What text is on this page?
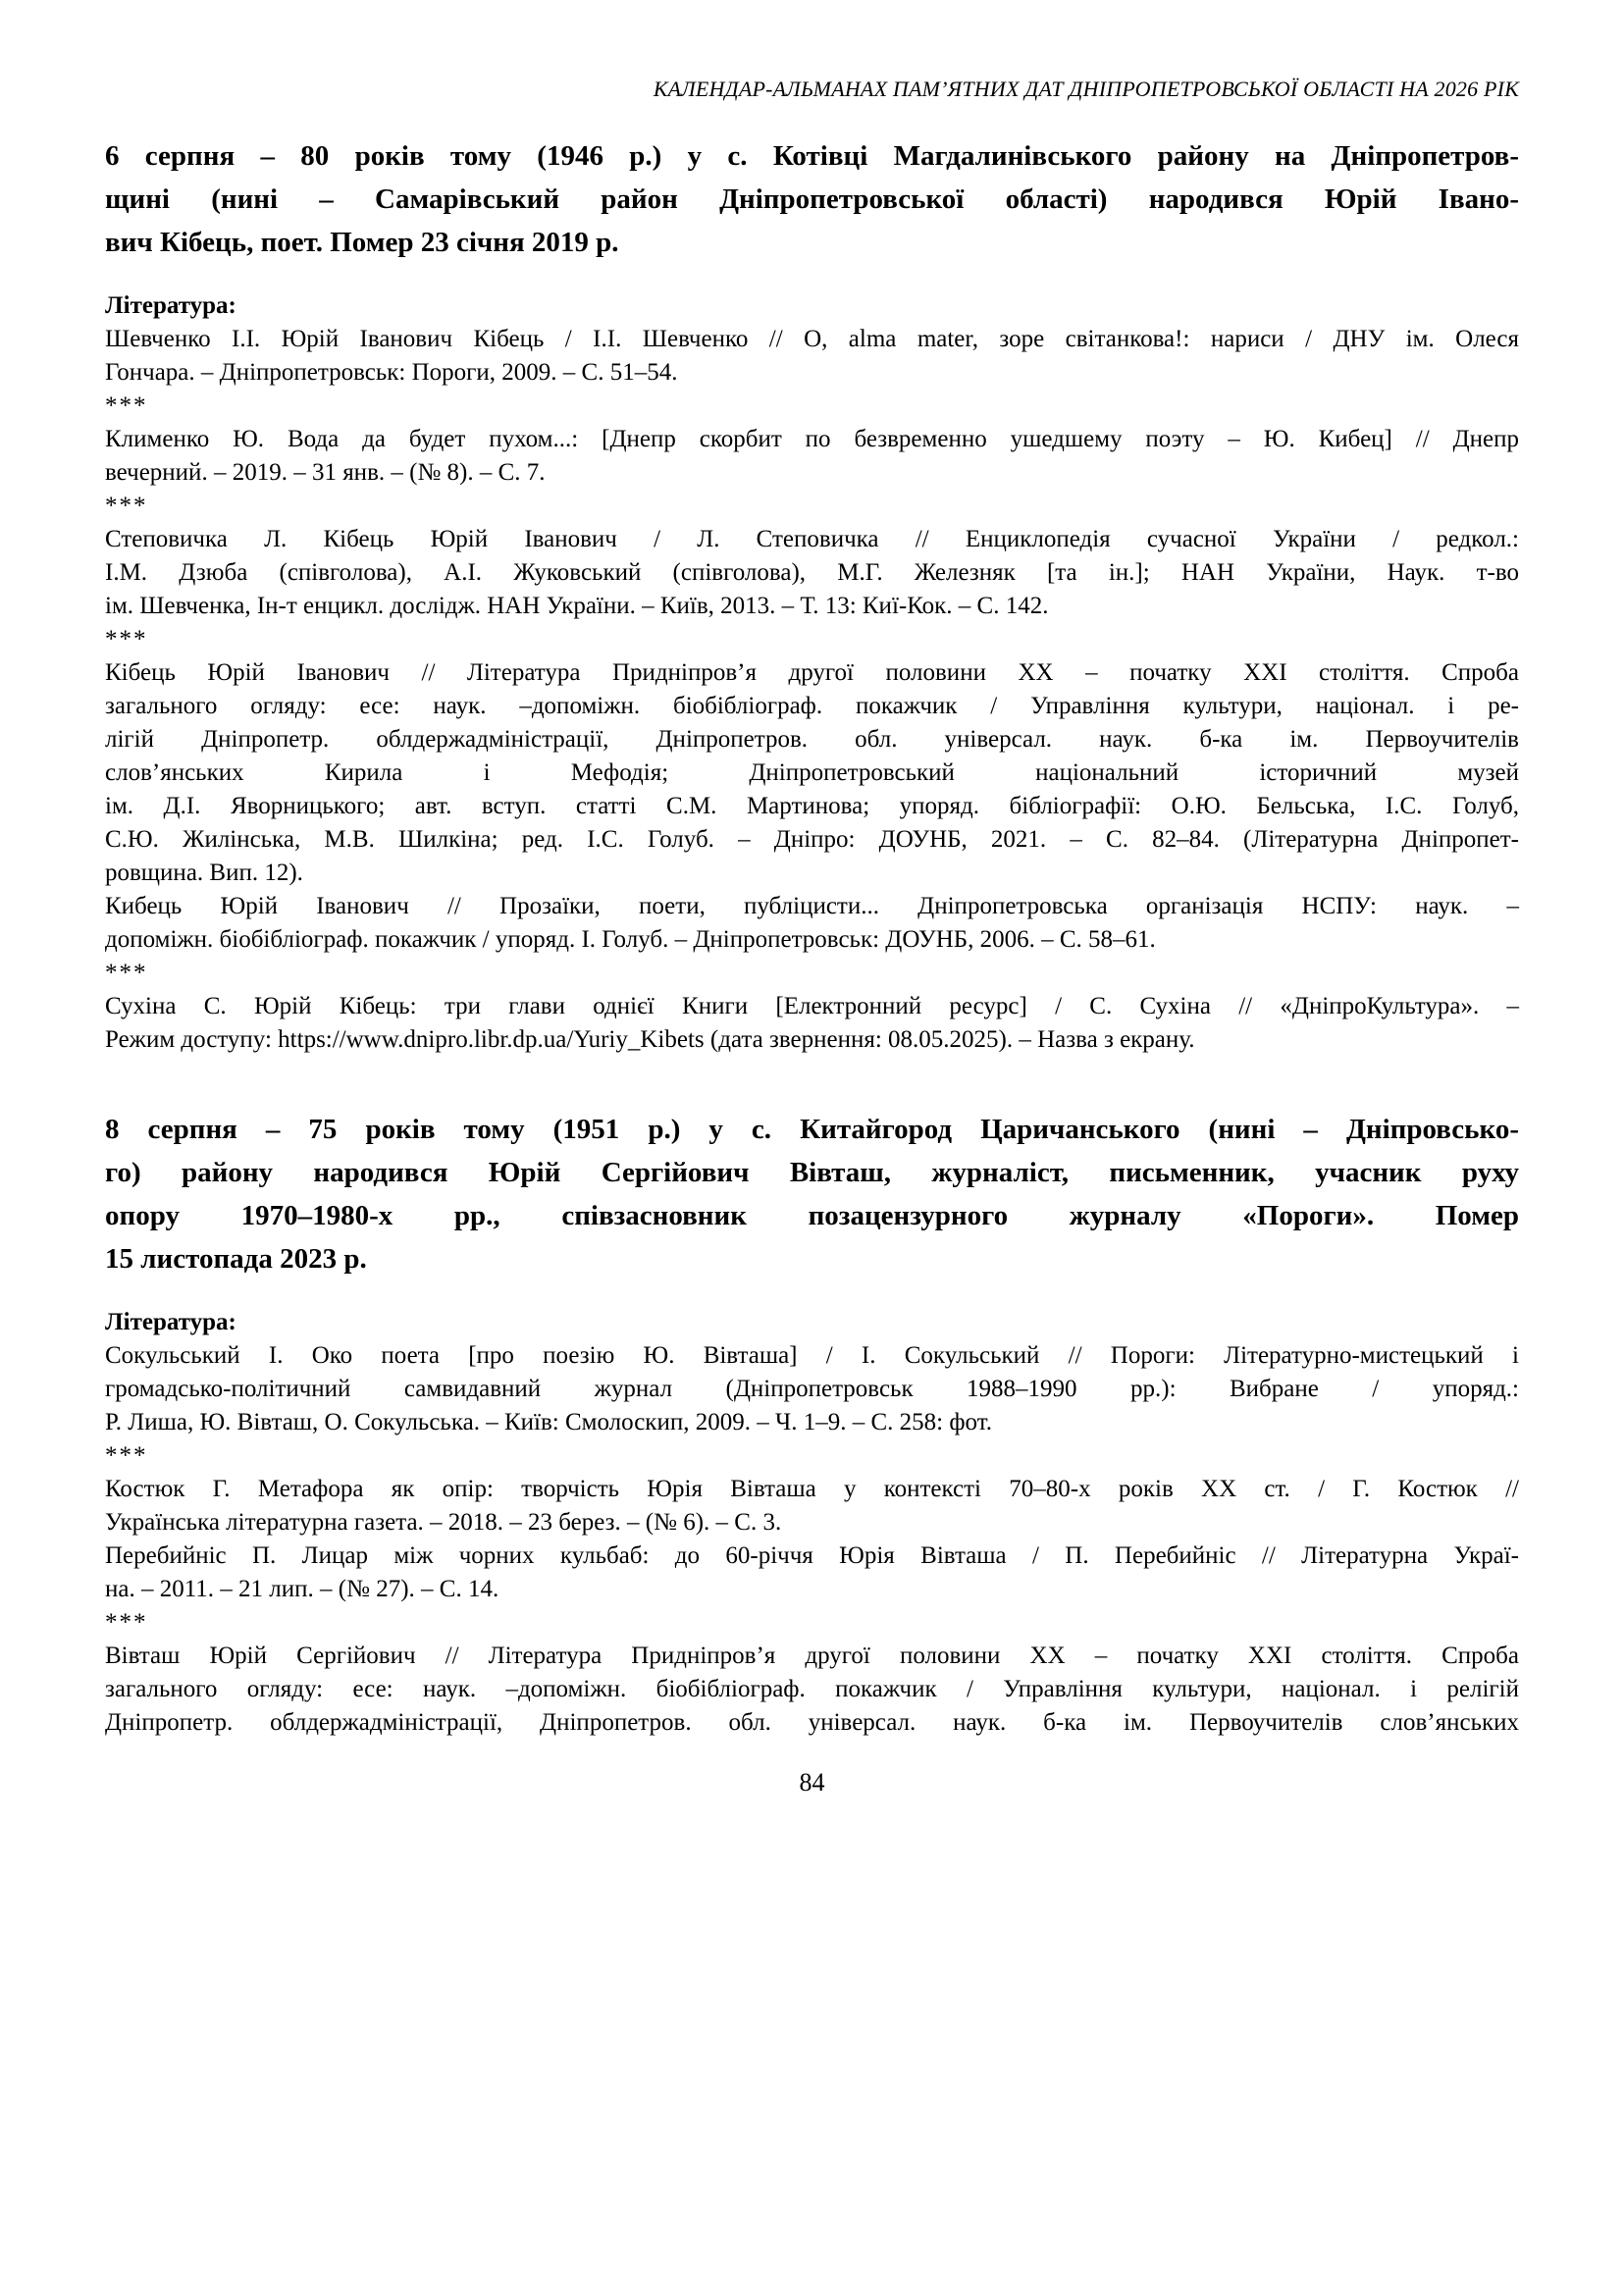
КАЛЕНДАР-АЛЬМАНАХ ПАМ’ЯТНИХ ДАТ ДНІПРОПЕТРОВСЬКОЇ ОБЛАСТІ НА 2026 РІК
6 серпня – 80 років тому (1946 р.) у с. Котівці Магдалинівського району на Дніпропетров-
щині (нині – Самарівський район Дніпропетровської області) народився Юрій Івано-
вич Кібець, поет. Помер 23 січня 2019 р.
Література:
Шевченко І.І. Юрій Іванович Кібець / І.І. Шевченко // О, alma mater, зоре світанкова!: нариси / ДНУ ім. Олеся
Гончара. – Дніпропетровськ: Пороги, 2009. – С. 51–54.
***
Клименко Ю. Вода да будет пухом...: [Днепр скорбит по безвременно ушедшему поэту – Ю. Кибец] // Днепр
вечерний. – 2019. – 31 янв. – (№ 8). – С. 7.
***
Степовичка Л. Кібець Юрій Іванович / Л. Степовичка // Енциклопедія сучасної України / редкол.:
І.М. Дзюба (співголова), А.І. Жуковський (співголова), М.Г. Железняк [та ін.]; НАН України, Наук. т-во
ім. Шевченка, Ін-т енцикл. дослідж. НАН України. – Київ, 2013. – Т. 13: Киї-Кок. – С. 142.
***
Кібець Юрій Іванович // Література Придніпров’я другої половини ХХ – початку ХХІ століття. Спроба
загального огляду: есе: наук. –допоміжн. біобібліограф. покажчик / Управління культури, націонал. і ре-
лігій Дніпропетр. облдержадміністрації, Дніпропетров. обл. універсал. наук. б-ка ім. Первоучителів
слов’янських Кирила і Мефодія; Дніпропетровський національний історичний музей
ім. Д.І. Яворницького; авт. вступ. статті С.М. Мартинова; упоряд. бібліографії: О.Ю. Бельська, І.С. Голуб,
С.Ю. Жилінська, М.В. Шилкіна; ред. І.С. Голуб. – Дніпро: ДОУНБ, 2021. – С. 82–84. (Літературна Дніпропет-
ровщина. Вип. 12).
Кибець Юрій Іванович // Прозаїки, поети, публіцисти... Дніпропетровська організація НСПУ: наук. –
допоміжн. біобібліограф. покажчик / упоряд. І. Голуб. – Дніпропетровськ: ДОУНБ, 2006. – С. 58–61.
***
Сухіна С. Юрій Кібець: три глави однієї Книги [Електронний ресурс] / С. Сухіна // «ДніпроКультура». –
Режим доступу: https://www.dnipro.libr.dp.ua/Yuriy_Kibets (дата звернення: 08.05.2025). – Назва з екрану.
8 серпня – 75 років тому (1951 р.) у с. Китайгород Царичанського (нині – Дніпровсько-
го) району народився Юрій Сергійович Вівташ, журналіст, письменник, учасник руху
опору 1970–1980-х рр., співзасновник позацензурного журналу «Пороги». Помер
15 листопада 2023 р.
Література:
Сокульський І. Око поета [про поезію Ю. Вівташа] / І. Сокульський // Пороги: Літературно-мистецький і
громадсько-політичний самвидавний журнал (Дніпропетровськ 1988–1990 рр.): Вибране / упоряд.:
Р. Лиша, Ю. Вівташ, О. Сокульська. – Київ: Смолоскип, 2009. – Ч. 1–9. – С. 258: фот.
***
Костюк Г. Метафора як опір: творчість Юрія Вівташа у контексті 70–80-х років ХХ ст. / Г. Костюк //
Українська літературна газета. – 2018. – 23 берез. – (№ 6). – С. 3.
Перебийніс П. Лицар між чорних кульбаб: до 60-річчя Юрія Вівташа / П. Перебийніс // Літературна Украї-
на. – 2011. – 21 лип. – (№ 27). – С. 14.
***
Вівташ Юрій Сергійович // Література Придніпров’я другої половини ХХ – початку ХХІ століття. Спроба
загального огляду: есе: наук. –допоміжн. біобібліограф. покажчик / Управління культури, націонал. і релігій
Дніпропетр. облдержадміністрації, Дніпропетров. обл. універсал. наук. б-ка ім. Первоучителів слов’янських
84
